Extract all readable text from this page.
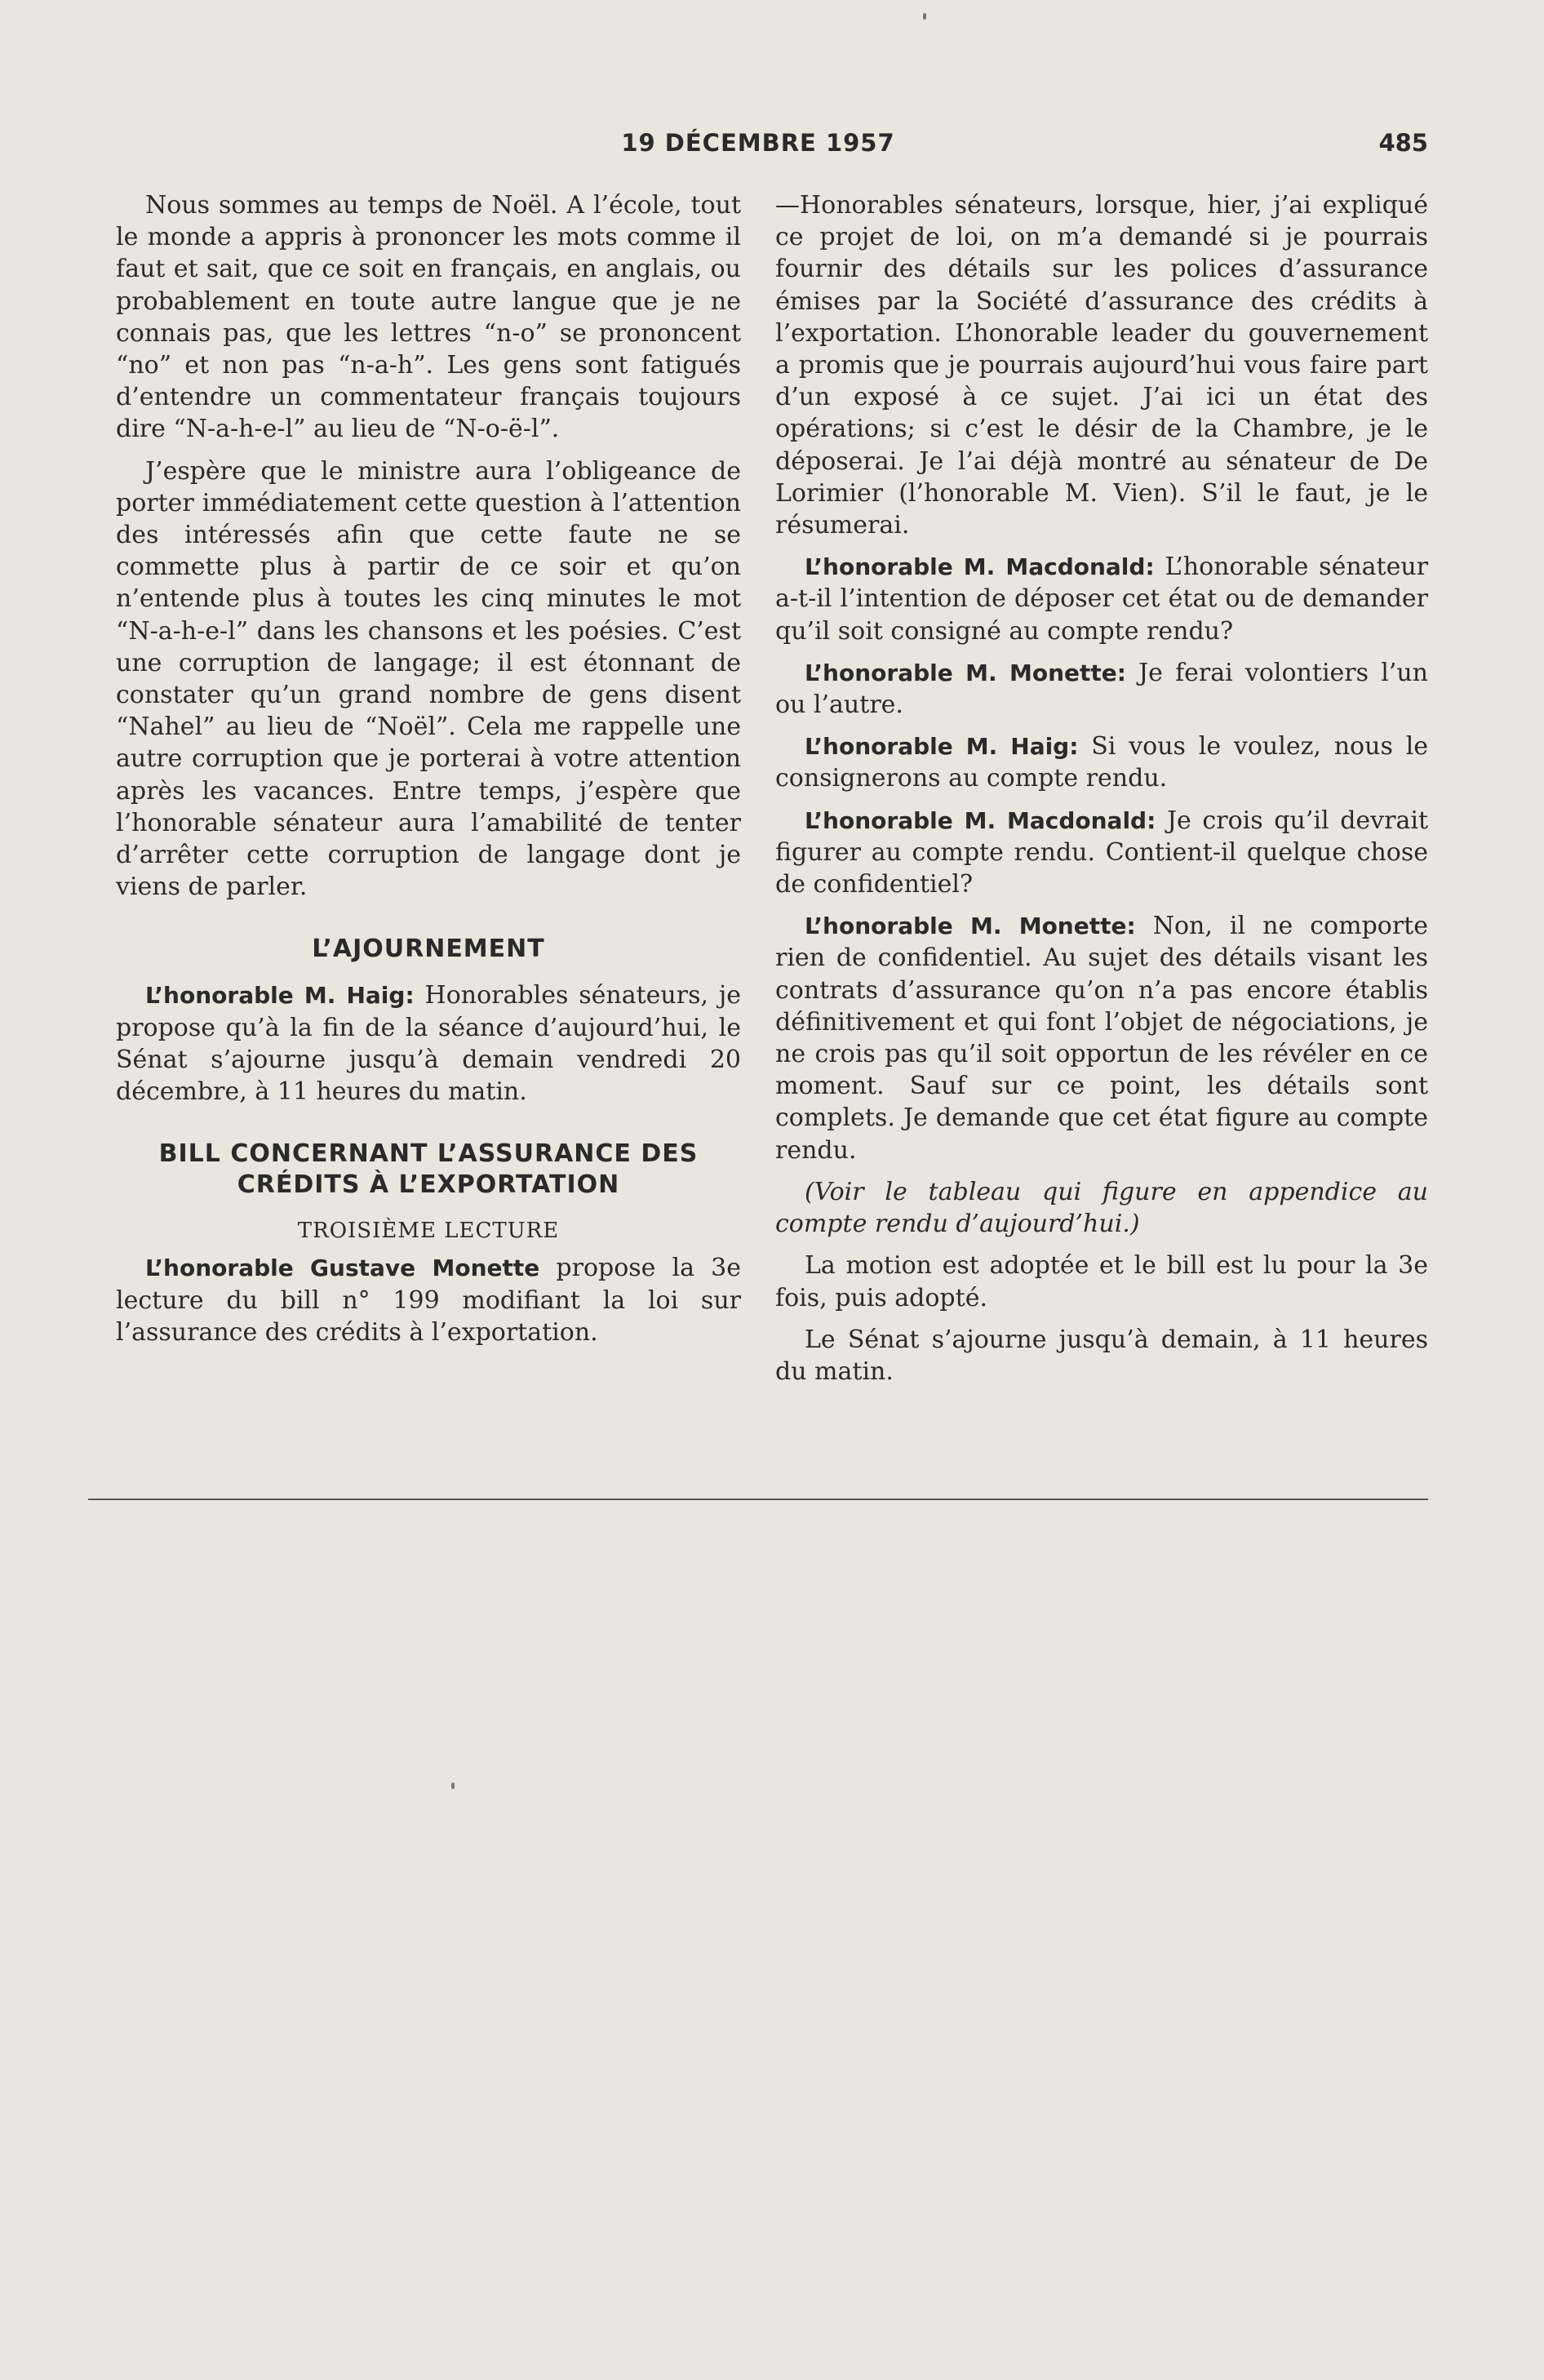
19 DÉCEMBRE 1957	485

Nous sommes au temps de Noël. A l’école, tout le monde a appris à prononcer les mots comme il faut et sait, que ce soit en français, en anglais, ou probablement en toute autre langue que je ne connais pas, que les lettres “n-o” se prononcent “no” et non pas “n-a-h”. Les gens sont fatigués d’entendre un commentateur français toujours dire “N-a-h-e-l” au lieu de “N-o-ë-l”.

J’espère que le ministre aura l’obligeance de porter immédiatement cette question à l’attention des intéressés afin que cette faute ne se commette plus à partir de ce soir et qu’on n’entende plus à toutes les cinq minutes le mot “N-a-h-e-l” dans les chansons et les poésies. C’est une corruption de langage; il est étonnant de constater qu’un grand nombre de gens disent “Nahel” au lieu de “Noël”. Cela me rappelle une autre corruption que je porterai à votre attention après les vacances. Entre temps, j’espère que l’honorable sénateur aura l’amabilité de tenter d’arrêter cette corruption de langage dont je viens de parler.

L’AJOURNEMENT

L’honorable M. Haig: Honorables sénateurs, je propose qu’à la fin de la séance d’aujourd’hui, le Sénat s’ajourne jusqu’à demain vendredi 20 décembre, à 11 heures du matin.

BILL CONCERNANT L’ASSURANCE DES
CRÉDITS À L’EXPORTATION
TROISIÈME LECTURE

L’honorable Gustave Monette propose la 3e lecture du bill n° 199 modifiant la loi sur l’assurance des crédits à l’exportation.

—Honorables sénateurs, lorsque, hier, j’ai expliqué ce projet de loi, on m’a demandé si je pourrais fournir des détails sur les polices d’assurance émises par la Société d’assurance des crédits à l’exportation. L’honorable leader du gouvernement a promis que je pourrais aujourd’hui vous faire part d’un exposé à ce sujet. J’ai ici un état des opérations; si c’est le désir de la Chambre, je le déposerai. Je l’ai déjà montré au sénateur de De Lorimier (l’honorable M. Vien). S’il le faut, je le résumerai.

L’honorable M. Macdonald: L’honorable sénateur a-t-il l’intention de déposer cet état ou de demander qu’il soit consigné au compte rendu?

L’honorable M. Monette: Je ferai volontiers l’un ou l’autre.

L’honorable M. Haig: Si vous le voulez, nous le consignerons au compte rendu.

L’honorable M. Macdonald: Je crois qu’il devrait figurer au compte rendu. Contient-il quelque chose de confidentiel?

L’honorable M. Monette: Non, il ne comporte rien de confidentiel. Au sujet des détails visant les contrats d’assurance qu’on n’a pas encore établis définitivement et qui font l’objet de négociations, je ne crois pas qu’il soit opportun de les révéler en ce moment. Sauf sur ce point, les détails sont complets. Je demande que cet état figure au compte rendu.

(Voir le tableau qui figure en appendice au compte rendu d’aujourd’hui.)

La motion est adoptée et le bill est lu pour la 3e fois, puis adopté.

Le Sénat s’ajourne jusqu’à demain, à 11 heures du matin.
